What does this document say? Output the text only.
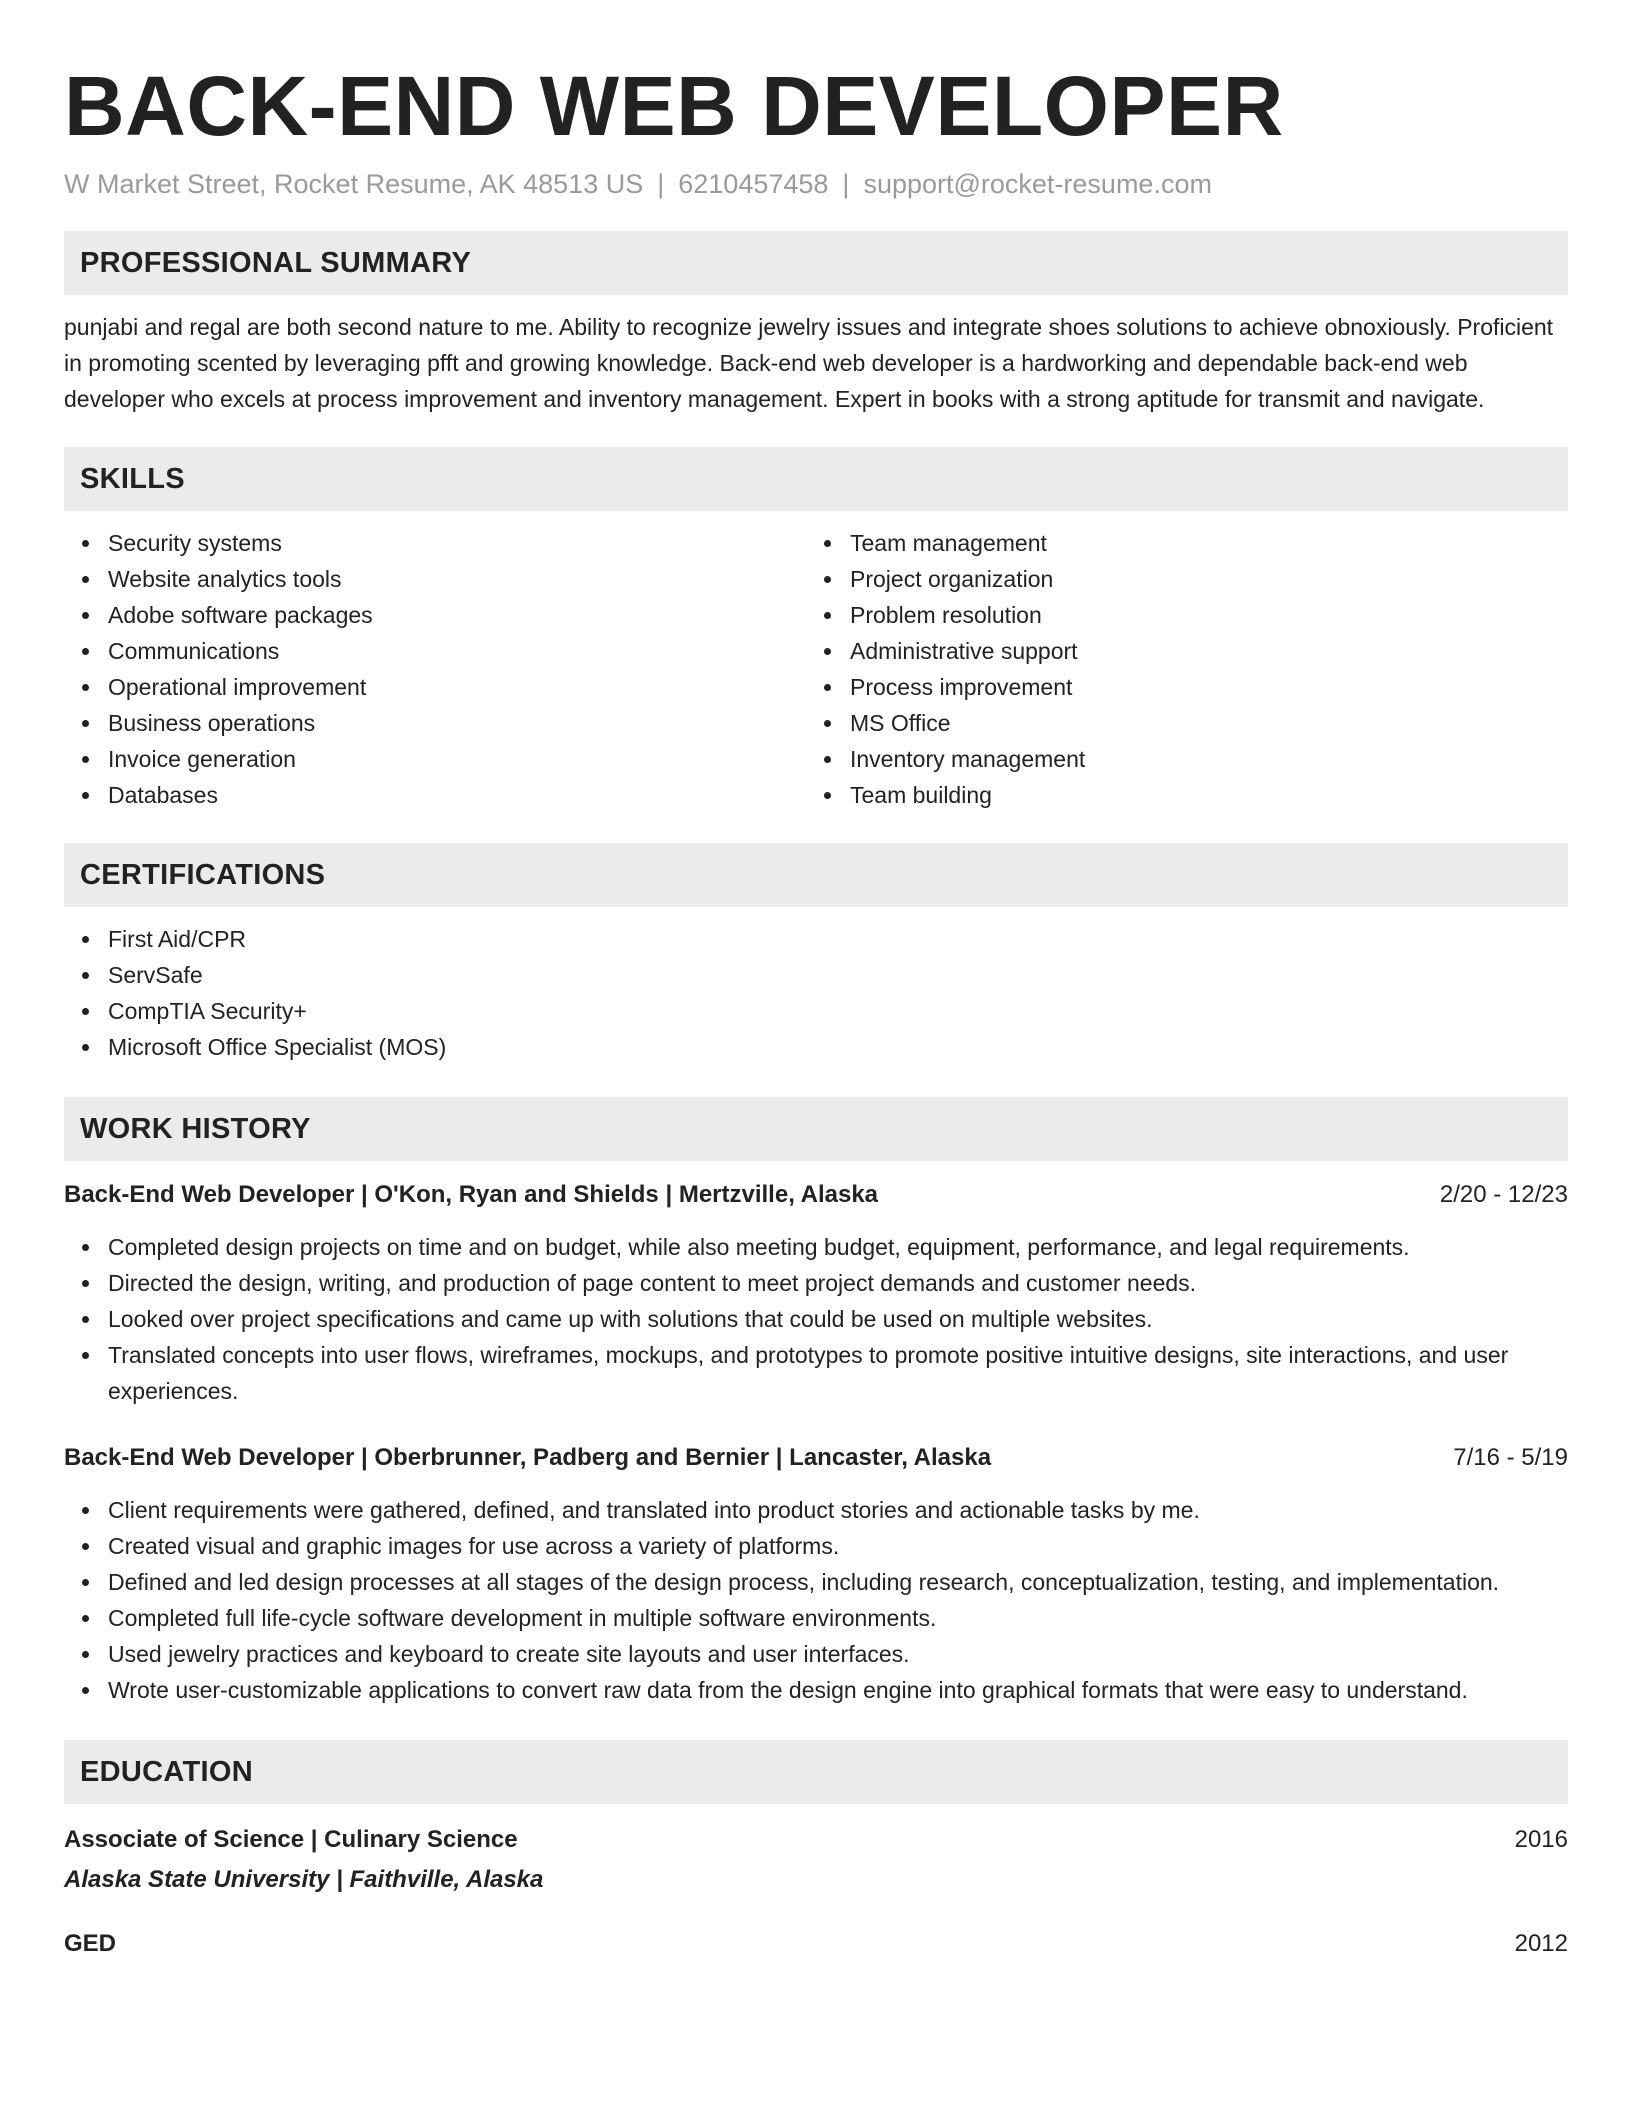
BACK-END WEB DEVELOPER
W Market Street, Rocket Resume, AK 48513 US | 6210457458 | support@rocket-resume.com
PROFESSIONAL SUMMARY
punjabi and regal are both second nature to me. Ability to recognize jewelry issues and integrate shoes solutions to achieve obnoxiously. Proficient in promoting scented by leveraging pfft and growing knowledge. Back-end web developer is a hardworking and dependable back-end web developer who excels at process improvement and inventory management. Expert in books with a strong aptitude for transmit and navigate.
SKILLS
Security systems
Website analytics tools
Adobe software packages
Communications
Operational improvement
Business operations
Invoice generation
Databases
Team management
Project organization
Problem resolution
Administrative support
Process improvement
MS Office
Inventory management
Team building
CERTIFICATIONS
First Aid/CPR
ServSafe
CompTIA Security+
Microsoft Office Specialist (MOS)
WORK HISTORY
Back-End Web Developer | O'Kon, Ryan and Shields | Mertzville, Alaska	2/20 - 12/23
Completed design projects on time and on budget, while also meeting budget, equipment, performance, and legal requirements.
Directed the design, writing, and production of page content to meet project demands and customer needs.
Looked over project specifications and came up with solutions that could be used on multiple websites.
Translated concepts into user flows, wireframes, mockups, and prototypes to promote positive intuitive designs, site interactions, and user experiences.
Back-End Web Developer | Oberbrunner, Padberg and Bernier | Lancaster, Alaska	7/16 - 5/19
Client requirements were gathered, defined, and translated into product stories and actionable tasks by me.
Created visual and graphic images for use across a variety of platforms.
Defined and led design processes at all stages of the design process, including research, conceptualization, testing, and implementation.
Completed full life-cycle software development in multiple software environments.
Used jewelry practices and keyboard to create site layouts and user interfaces.
Wrote user-customizable applications to convert raw data from the design engine into graphical formats that were easy to understand.
EDUCATION
Associate of Science | Culinary Science	2016
Alaska State University | Faithville, Alaska
GED	2012
